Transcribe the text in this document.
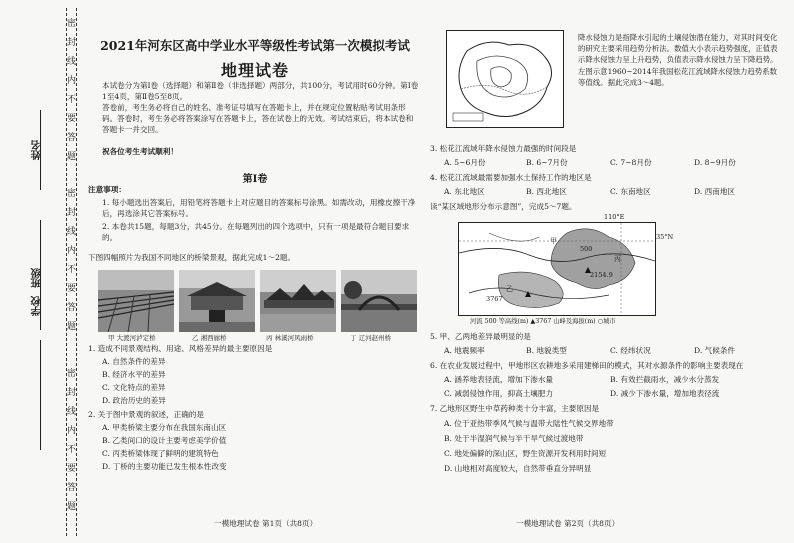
密
封
线
内
不
要
答
题
密
封
线
内
不
要
答
题
密
封
线
内
不
要
答
题
姓名
班级
学校
2021年河东区高中学业水平等级性考试第一次模拟考试
地理试卷
本试卷分为第Ⅰ卷（选择题）和第Ⅱ卷（非选择题）两部分，共100分，考试用时60分钟。第Ⅰ卷1至4页，第Ⅱ卷5至8页。
答卷前，考生务必将自己的姓名、准考证号填写在答题卡上，并在规定位置粘贴考试用条形码。答卷时，考生务必将答案涂写在答题卡上，答在试卷上的无效。考试结束后，将本试卷和答题卡一并交回。
祝各位考生考试顺利！
第Ⅰ卷
注意事项：
1. 每小题选出答案后，用铅笔将答题卡上对应题目的答案标号涂黑。如需改动，用橡皮擦干净后，再选涂其它答案标号。
2. 本卷共15题，每题3分，共45分。在每题列出的四个选项中，只有一项是最符合题目要求的。
下图四幅照片为我国不同地区的桥梁景观，据此完成1～2题。
甲 大渡河泸定桥	乙 湘西廊桥	丙 林溪河风雨桥	丁 辽河赵州桥
1. 造成不同景观结构、用途、风格差异的最主要原因是
A. 自然条件的差异
B. 经济水平的差异
C. 文化特点的差异
D. 政治历史的差异
2. 关于图中景观的叙述，正确的是
A. 甲类桥梁主要分布在我国东南山区
B. 乙类间口的设计主要考虑美学价值
C. 丙类桥梁体现了鲜明的建筑特色
D. 丁桥的主要功能已发生根本性改变
一模地理试卷 第1页（共8页）
降水侵蚀力是指降水引起的土壤侵蚀潜在能力，对其时间变化的研究主要采用趋势分析法。数值大小表示趋势强度，正值表示降水侵蚀力呈上升趋势，负值表示降水侵蚀力呈下降趋势。左图示意1960~2014年我国松花江流域降水侵蚀力趋势系数等值线。据此完成3～4题。
3. 松花江流域年降水侵蚀力最强的时间段是
A. 5~6月份	B. 6~7月份	C. 7~8月份	D. 8~9月份
4. 松花江流域最需要加强水土保持工作的地区是
A. 东北地区	B. 西北地区	C. 东南地区	D. 西南地区
读“某区域地形分布示意图”，完成5～7题。
110°E
35°N
甲
乙
丙
500
2154.9
3767
河流 500 等高线(m) ▲3767 山峰及海拔(m) ○城市
5. 甲、乙两地差异最明显的是
A. 地震频率	B. 地貌类型	C. 经纬状况	D. 气候条件
6. 在农业发展过程中，甲地形区农耕地多采用建梯田的模式，其对水源条件的影响主要表现在
A. 涵养地表径流，增加下渗水量	B. 有效拦截雨水，减少水分蒸发
C. 减弱侵蚀作用，抑高土壤肥力	D. 减少下渗水量，增加地表径流
7. 乙地形区野生中草药种类十分丰富，主要原因是
A. 位于亚热带季风气候与温带大陆性气候交界地带
B. 处于半湿润气候与半干旱气候过渡地带
C. 地处偏僻的深山区，野生资源开发利用时间短
D. 山地相对高度较大，自然带垂直分异明显
一模地理试卷 第2页（共8页）
